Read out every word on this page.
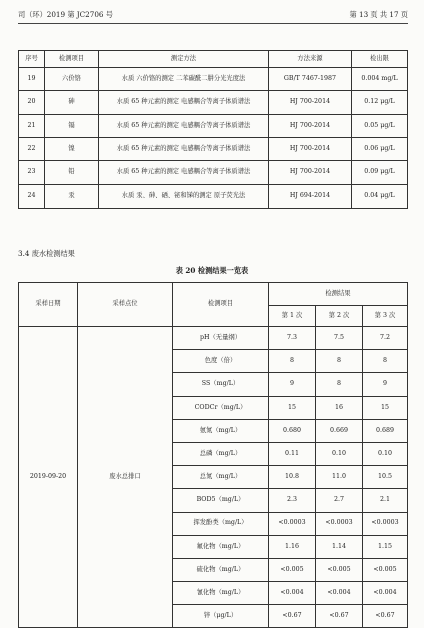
司（环）2019 第 JC2706 号	第 13 页 共 17 页
序号	检测项目	测定方法	方法来源	检出限
19	六价铬	水质 六价铬的测定 二苯碳酰二肼分光光度法	GB/T 7467-1987	0.004 mg/L
20	砷	水质 65 种元素的测定 电感耦合等离子体质谱法	HJ 700-2014	0.12 μg/L
21	镉	水质 65 种元素的测定 电感耦合等离子体质谱法	HJ 700-2014	0.05 μg/L
22	镍	水质 65 种元素的测定 电感耦合等离子体质谱法	HJ 700-2014	0.06 μg/L
23	铅	水质 65 种元素的测定 电感耦合等离子体质谱法	HJ 700-2014	0.09 μg/L
24	汞	水质 汞、砷、硒、铋和锑的测定 原子荧光法	HJ 694-2014	0.04 μg/L
3.4 废水检测结果
表 20 检测结果一览表
采样日期	采样点位	检测项目	检测结果		
			第 1 次	第 2 次	第 3 次
2019-09-20	废水总排口	pH（无量纲）	7.3	7.5	7.2
		色度（倍）	8	8	8
		SS（mg/L）	9	8	9
		CODCr（mg/L）	15	16	15
		氨氮（mg/L）	0.680	0.669	0.689
		总磷（mg/L）	0.11	0.10	0.10
		总氮（mg/L）	10.8	11.0	10.5
		BOD5（mg/L）	2.3	2.7	2.1
		挥发酚类（mg/L）	<0.0003	<0.0003	<0.0003
		氟化物（mg/L）	1.16	1.14	1.15
		硫化物（mg/L）	<0.005	<0.005	<0.005
		氰化物（mg/L）	<0.004	<0.004	<0.004
		锌（μg/L）	<0.67	<0.67	<0.67
